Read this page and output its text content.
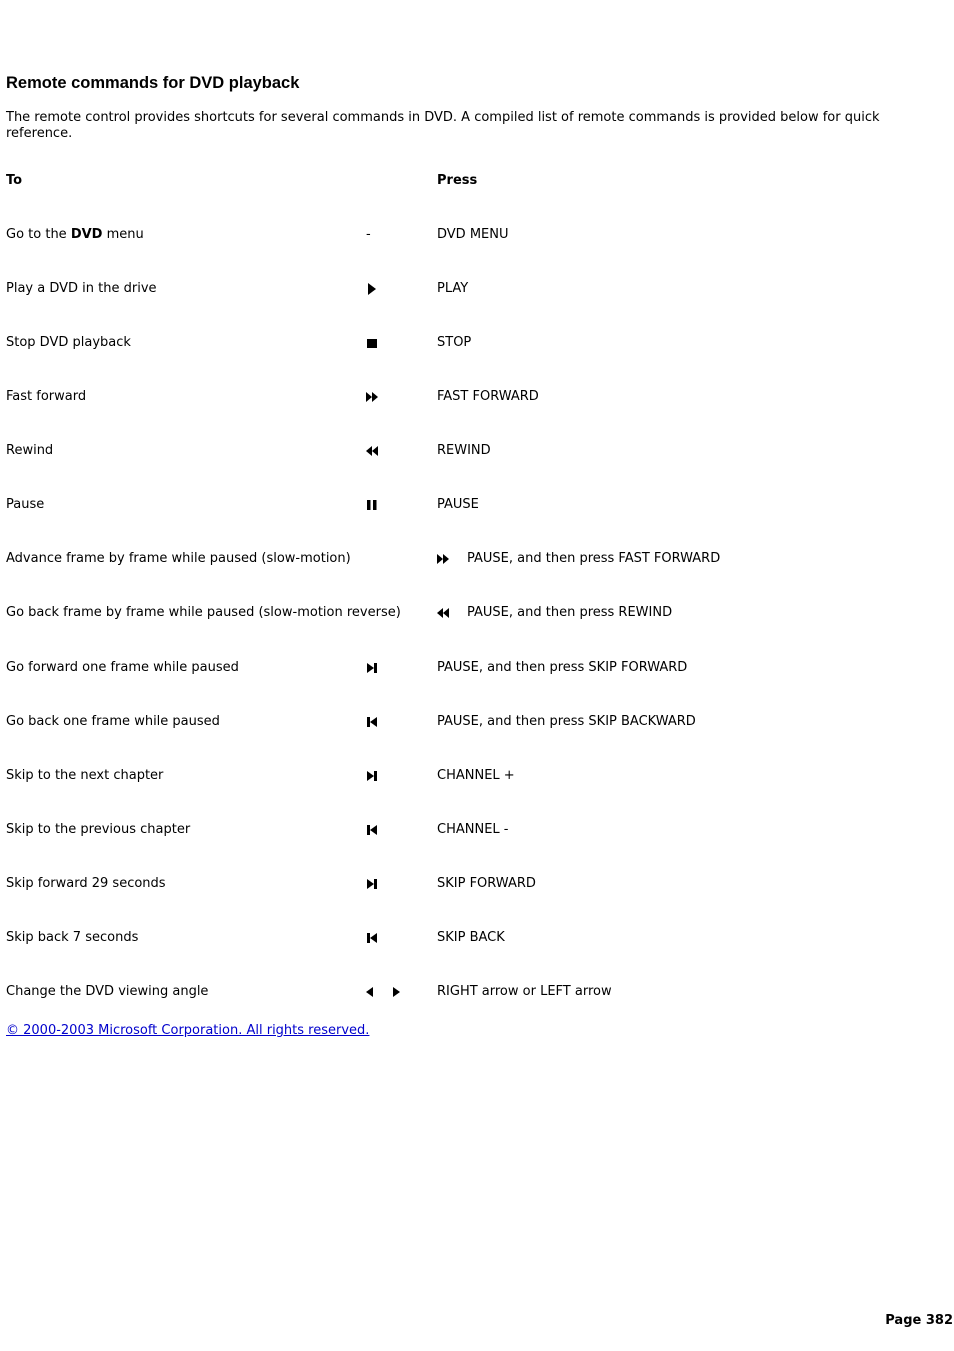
Remote commands for DVD playback

The remote control provides shortcuts for several commands in DVD. A compiled list of remote commands is provided below for quick reference.

To	Press
Go to the DVD menu	-	DVD MENU
Play a DVD in the drive	PLAY
Stop DVD playback	STOP
Fast forward	FAST FORWARD
Rewind	REWIND
Pause	PAUSE
Advance frame by frame while paused (slow-motion)	PAUSE, and then press FAST FORWARD
Go back frame by frame while paused (slow-motion reverse)	PAUSE, and then press REWIND
Go forward one frame while paused	PAUSE, and then press SKIP FORWARD
Go back one frame while paused	PAUSE, and then press SKIP BACKWARD
Skip to the next chapter	CHANNEL +
Skip to the previous chapter	CHANNEL -
Skip forward 29 seconds	SKIP FORWARD
Skip back 7 seconds	SKIP BACK
Change the DVD viewing angle	RIGHT arrow or LEFT arrow
© 2000-2003 Microsoft Corporation. All rights reserved.
Page 382
